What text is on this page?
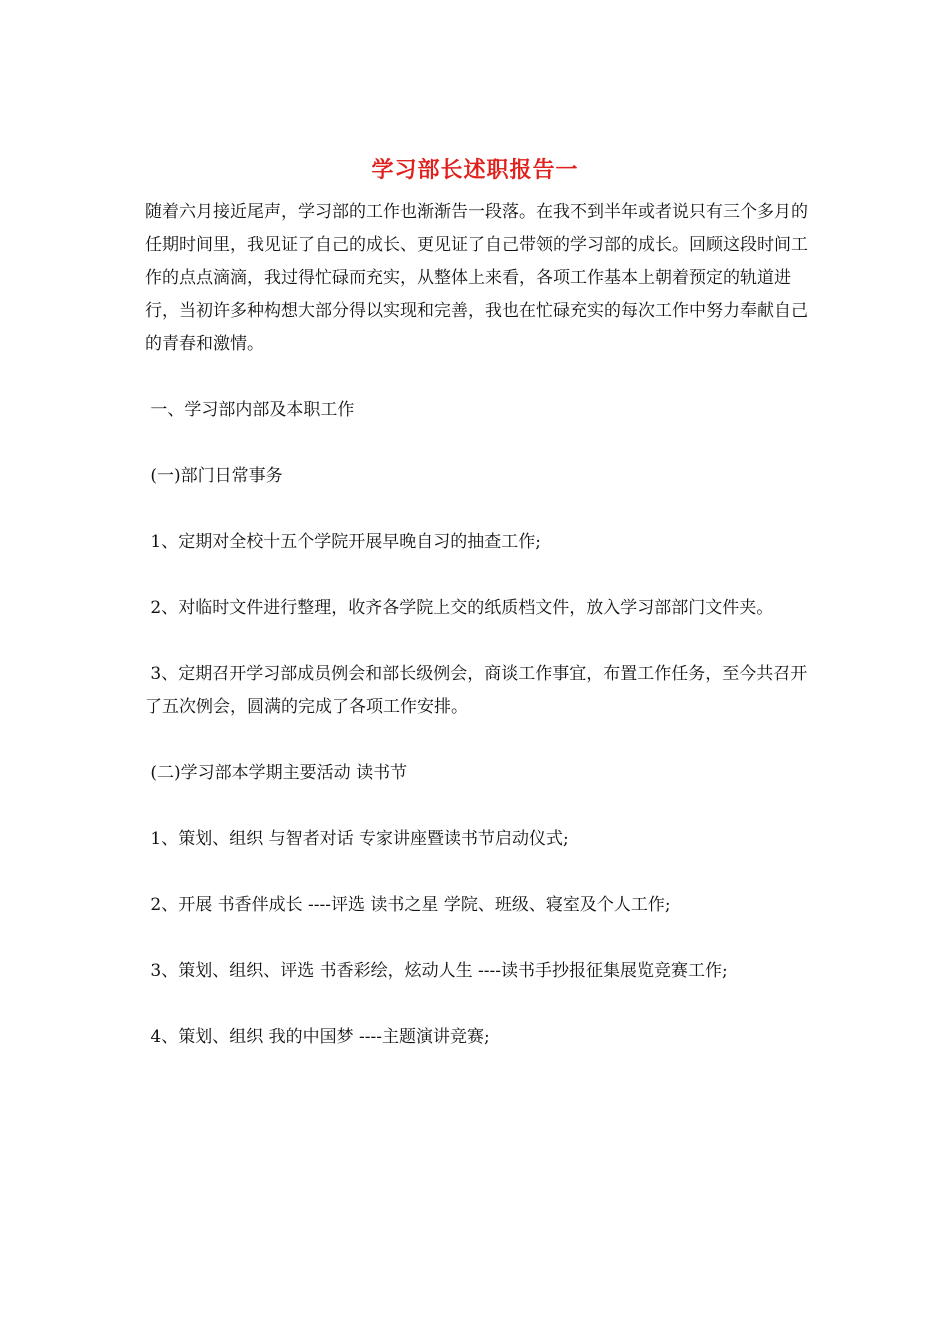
学习部长述职报告一

随着六月接近尾声，学习部的工作也渐渐告一段落。在我不到半年或者说只有三个多月的任期时间里，我见证了自己的成长、更见证了自己带领的学习部的成长。回顾这段时间工作的点点滴滴，我过得忙碌而充实，从整体上来看，各项工作基本上朝着预定的轨道进行，当初许多种构想大部分得以实现和完善，我也在忙碌充实的每次工作中努力奉献自己的青春和激情。

一、学习部内部及本职工作

(一)部门日常事务

1、定期对全校十五个学院开展早晚自习的抽查工作;

2、对临时文件进行整理，收齐各学院上交的纸质档文件，放入学习部部门文件夹。

3、定期召开学习部成员例会和部长级例会，商谈工作事宜，布置工作任务，至今共召开了五次例会，圆满的完成了各项工作安排。

(二)学习部本学期主要活动 读书节

1、策划、组织 与智者对话 专家讲座暨读书节启动仪式;

2、开展 书香伴成长 ----评选 读书之星 学院、班级、寝室及个人工作;

3、策划、组织、评选 书香彩绘，炫动人生 ----读书手抄报征集展览竞赛工作;

4、策划、组织 我的中国梦 ----主题演讲竞赛;
